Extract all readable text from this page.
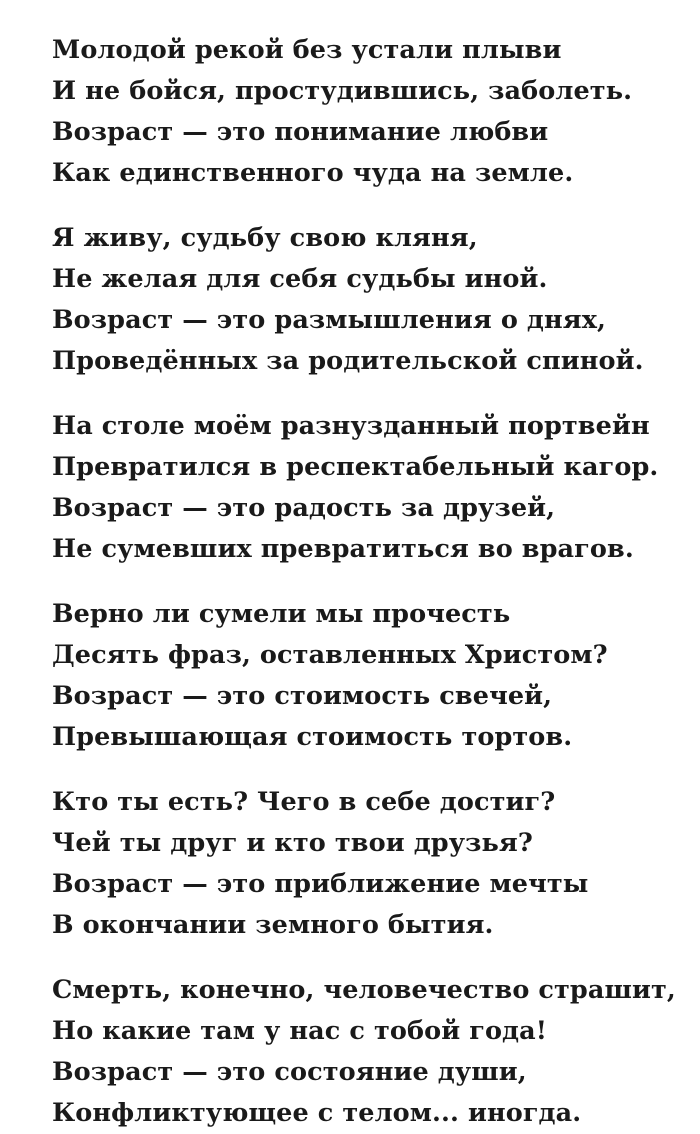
Молодой рекой без устали плыви
И не бойся, простудившись, заболеть.
Возраст — это понимание любви
Как единственного чуда на земле.
Я живу, судьбу свою кляня,
Не желая для себя судьбы иной.
Возраст — это размышления о днях,
Проведённых за родительской спиной.
На столе моём разнузданный портвейн
Превратился в респектабельный кагор.
Возраст — это радость за друзей,
Не сумевших превратиться во врагов.
Верно ли сумели мы прочесть
Десять фраз, оставленных Христом?
Возраст — это стоимость свечей,
Превышающая стоимость тортов.
Кто ты есть? Чего в себе достиг?
Чей ты друг и кто твои друзья?
Возраст — это приближение мечты
В окончании земного бытия.
Смерть, конечно, человечество страшит,
Но какие там у нас с тобой года!
Возраст — это состояние души,
Конфликтующее с телом... иногда.
